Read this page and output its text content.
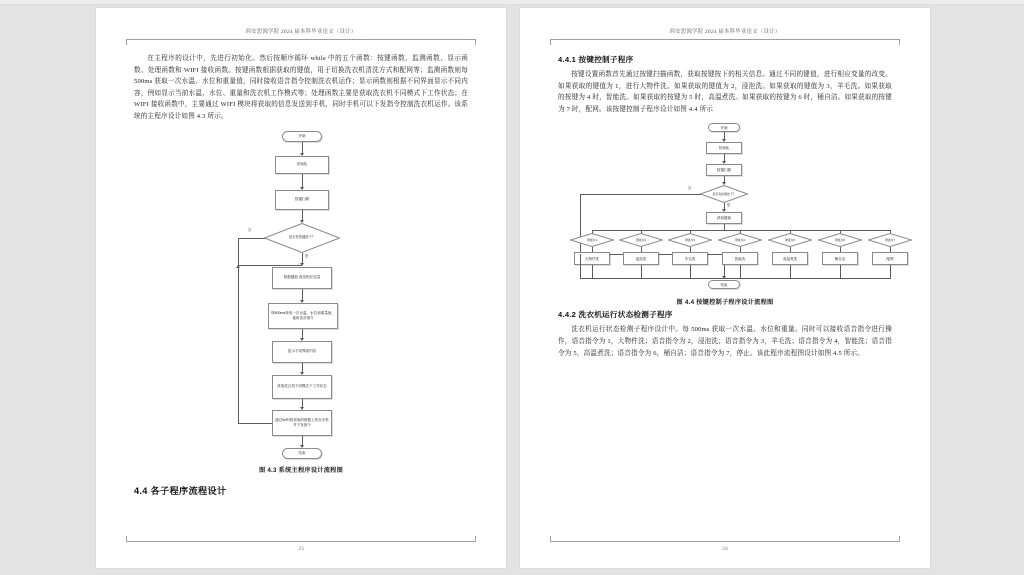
西安思源学院 2024 届本科毕业论文（设计）

在主程序的设计中，先进行初始化。然后按顺序循环 while 中的五个函数：按键函数、监测函数、显示函数、处理函数和 WIFI 接收函数。按键函数根据获取的键值，用于切换洗衣机清洗方式和配网等；监测函数则每 500ms 获取一次水温、水位和重量值，同时接收语音指令控制洗衣机运作；显示函数则根据不同界面显示不同内容，例如显示当前水温、水位、重量和洗衣机工作模式等；处理函数主要是获取洗衣机不同模式下工作状态；在 WIFI 接收函数中，主要通过 WIFI 模块将获取的信息发送到手机，同时手机可以下发指令控制洗衣机运作。该系统的主程序设计如图 4.3 所示。

开始
初始化
按键扫描
是否有按键按下？
否
是
根据键值 改变相应变量
每500ms获取一次水温、水位和重量值，接收语音指令
显示不同界面内容
获取洗衣机不同模式下工作状态
通过WIFI将获取的数据上传至手机并下发指令
结束
图 4.3 系统主程序设计流程图
4.4 各子程序流程设计
23
西安思源学院 2024 届本科毕业论文（设计）
4.4.1 按键控制子程序

按键设置函数首先通过按键扫描函数，获取按键按下的相关信息。通过不同的键值，进行相应变量的改变。如果获取的键值为 1，进行大物件洗。如果获取的键值为 2，浸泡洗。如果获取的键值为 3，羊毛洗。如果获取的按键为 4 时，智能洗。如果获取的按键为 5 时，高温煮洗。如果获取的按键为 6 时，桶自洁。如果获取的按键为 7 时，配网。该按键控制子程序设计如图 4.4 所示

开始
初始化
按键扫描
是否有按键按下？
否
是
获取键值
键值为1
大物件洗
键值为2
浸泡洗
键值为3
羊毛洗
键值为4
智能洗
键值为5
高温煮洗
键值为6
桶自洁
键值为7
配网
结束
图 4.4 按键控制子程序设计流程图
4.4.2 洗衣机运行状态检测子程序

洗衣机运行状态检测子程序设计中。每 500ms 获取一次水温、水位和重量。同时可以接收语音指令进行操作，语音指令为 1，大物件洗；语音指令为 2，浸泡洗；语音指令为 3，羊毛洗；语音指令为 4，智能洗；语音指令为 5，高温煮洗；语音指令为 6，桶自洁；语音指令为 7，停止。该此程序流程图设计如图 4.5 所示。

24
